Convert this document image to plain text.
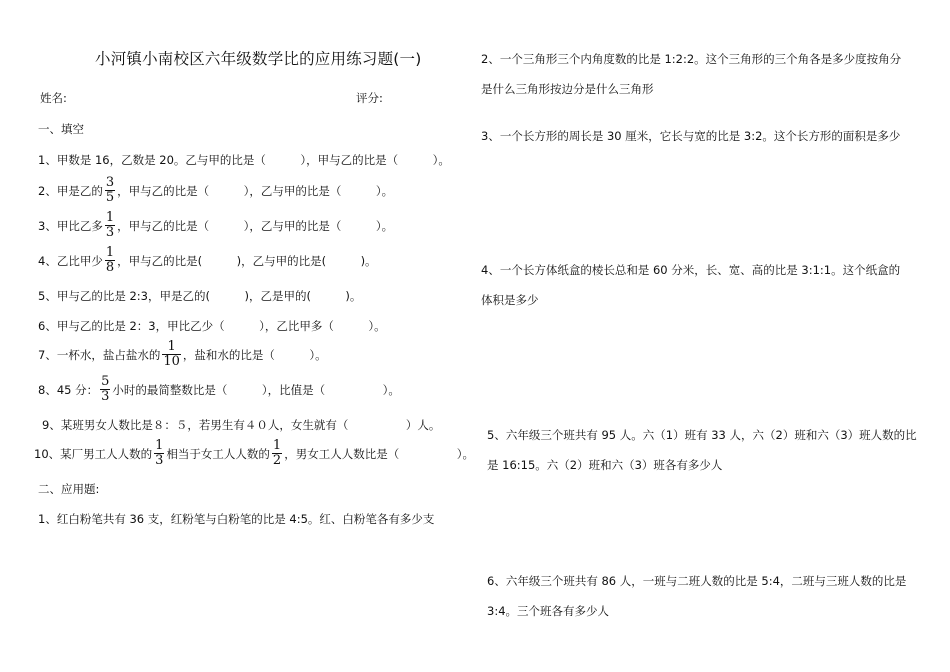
小河镇小南校区六年级数学比的应用练习题(一)
姓名:	评分:
一、填空
1、甲数是 16，乙数是 20。乙与甲的比是（　　　），甲与乙的比是（　　　）。
2、甲是乙的 $\frac{3}{5}$ ，甲与乙的比是（　　　），乙与甲的比是（　　　）。
3、甲比乙多 $\frac{1}{3}$ ，甲与乙的比是（　　　），乙与甲的比是（　　　）。
4、乙比甲少 $\frac{1}{8}$ ，甲与乙的比是(　　　)，乙与甲的比是(　　　)。
5、甲与乙的比是 2:3，甲是乙的(　　　)，乙是甲的(　　　)。
6、甲与乙的比是 2：3，甲比乙少（　　　），乙比甲多（　　　）。
7、一杯水，盐占盐水的 $\frac{1}{10}$ ，盐和水的比是（　　　）。
8、45 分： $\frac{5}{3}$ 小时的最简整数比是（　　　），比值是（　　　　　）。
9、某班男女人数比是８：５，若男生有４０人，女生就有（　　　　　）人。
10、某厂男工人人数的 $\frac{1}{3}$ 相当于女工人人数的 $\frac{1}{2}$ ，男女工人人数比是（　　　　　）。
二、应用题:
1、红白粉笔共有 36 支，红粉笔与白粉笔的比是 4:5。红、白粉笔各有多少支
2、一个三角形三个内角度数的比是 1:2:2。这个三角形的三个角各是多少度按角分是什么三角形按边分是什么三角形
3、一个长方形的周长是 30 厘米，它长与宽的比是 3:2。这个长方形的面积是多少
4、一个长方体纸盒的棱长总和是 60 分米，长、宽、高的比是 3:1:1。这个纸盒的体积是多少
5、六年级三个班共有 95 人。六（1）班有 33 人，六（2）班和六（3）班人数的比是 16:15。六（2）班和六（3）班各有多少人
6、六年级三个班共有 86 人，一班与二班人数的比是 5:4，二班与三班人数的比是 3:4。三个班各有多少人
